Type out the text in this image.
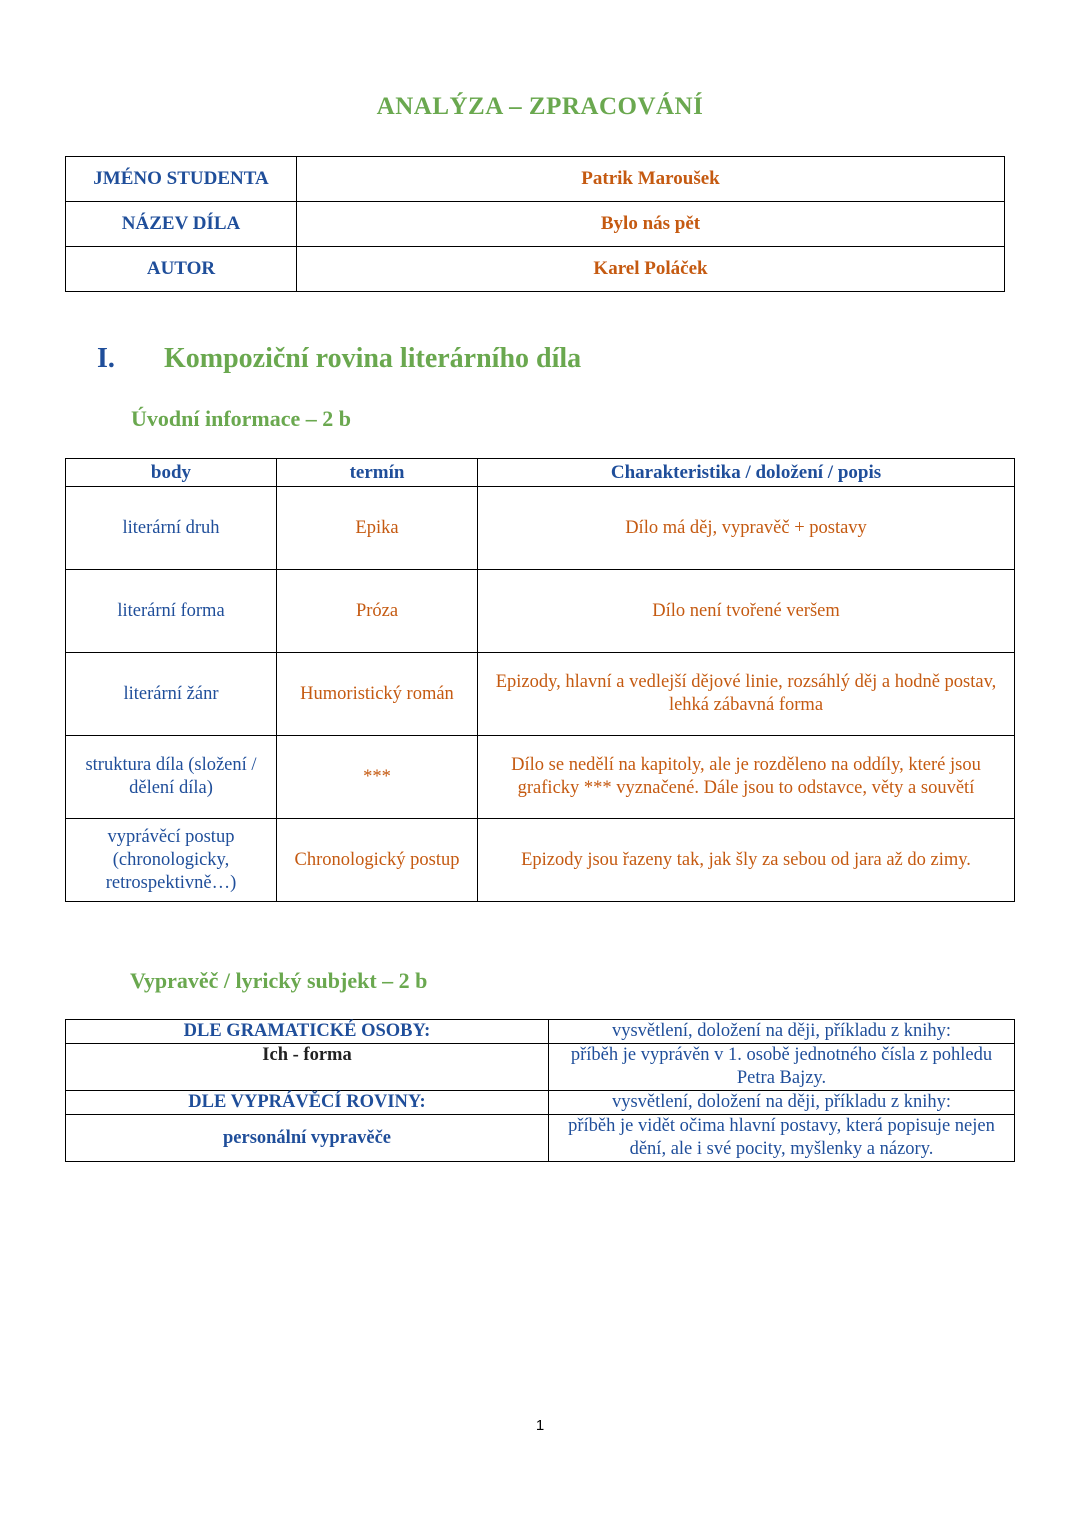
ANALÝZA – ZPRACOVÁNÍ
JMÉNO STUDENTA	Patrik Maroušek
NÁZEV DÍLA	Bylo nás pět
AUTOR	Karel Poláček
I. Kompoziční rovina literárního díla
Úvodní informace – 2 b
body	termín	Charakteristika / doložení / popis
literární druh	Epika	Dílo má děj, vypravěč + postavy
literární forma	Próza	Dílo není tvořené veršem
literární žánr	Humoristický román	Epizody, hlavní a vedlejší dějové linie, rozsáhlý děj a hodně postav, lehká zábavná forma
struktura díla (složení / dělení díla)	***	Dílo se nedělí na kapitoly, ale je rozděleno na oddíly, které jsou graficky *** vyznačené. Dále jsou to odstavce, věty a souvětí
vyprávěcí postup (chronologicky, retrospektivně…)	Chronologický postup	Epizody jsou řazeny tak, jak šly za sebou od jara až do zimy.
Vypravěč / lyrický subjekt – 2 b
DLE GRAMATICKÉ OSOBY:	vysvětlení, doložení na ději, příkladu z knihy:
Ich - forma	příběh je vyprávěn v 1. osobě jednotného čísla z pohledu Petra Bajzy.
DLE VYPRÁVĚCÍ ROVINY:	vysvětlení, doložení na ději, příkladu z knihy:
personální vypravěče	příběh je vidět očima hlavní postavy, která popisuje nejen dění, ale i své pocity, myšlenky a názory.
1
